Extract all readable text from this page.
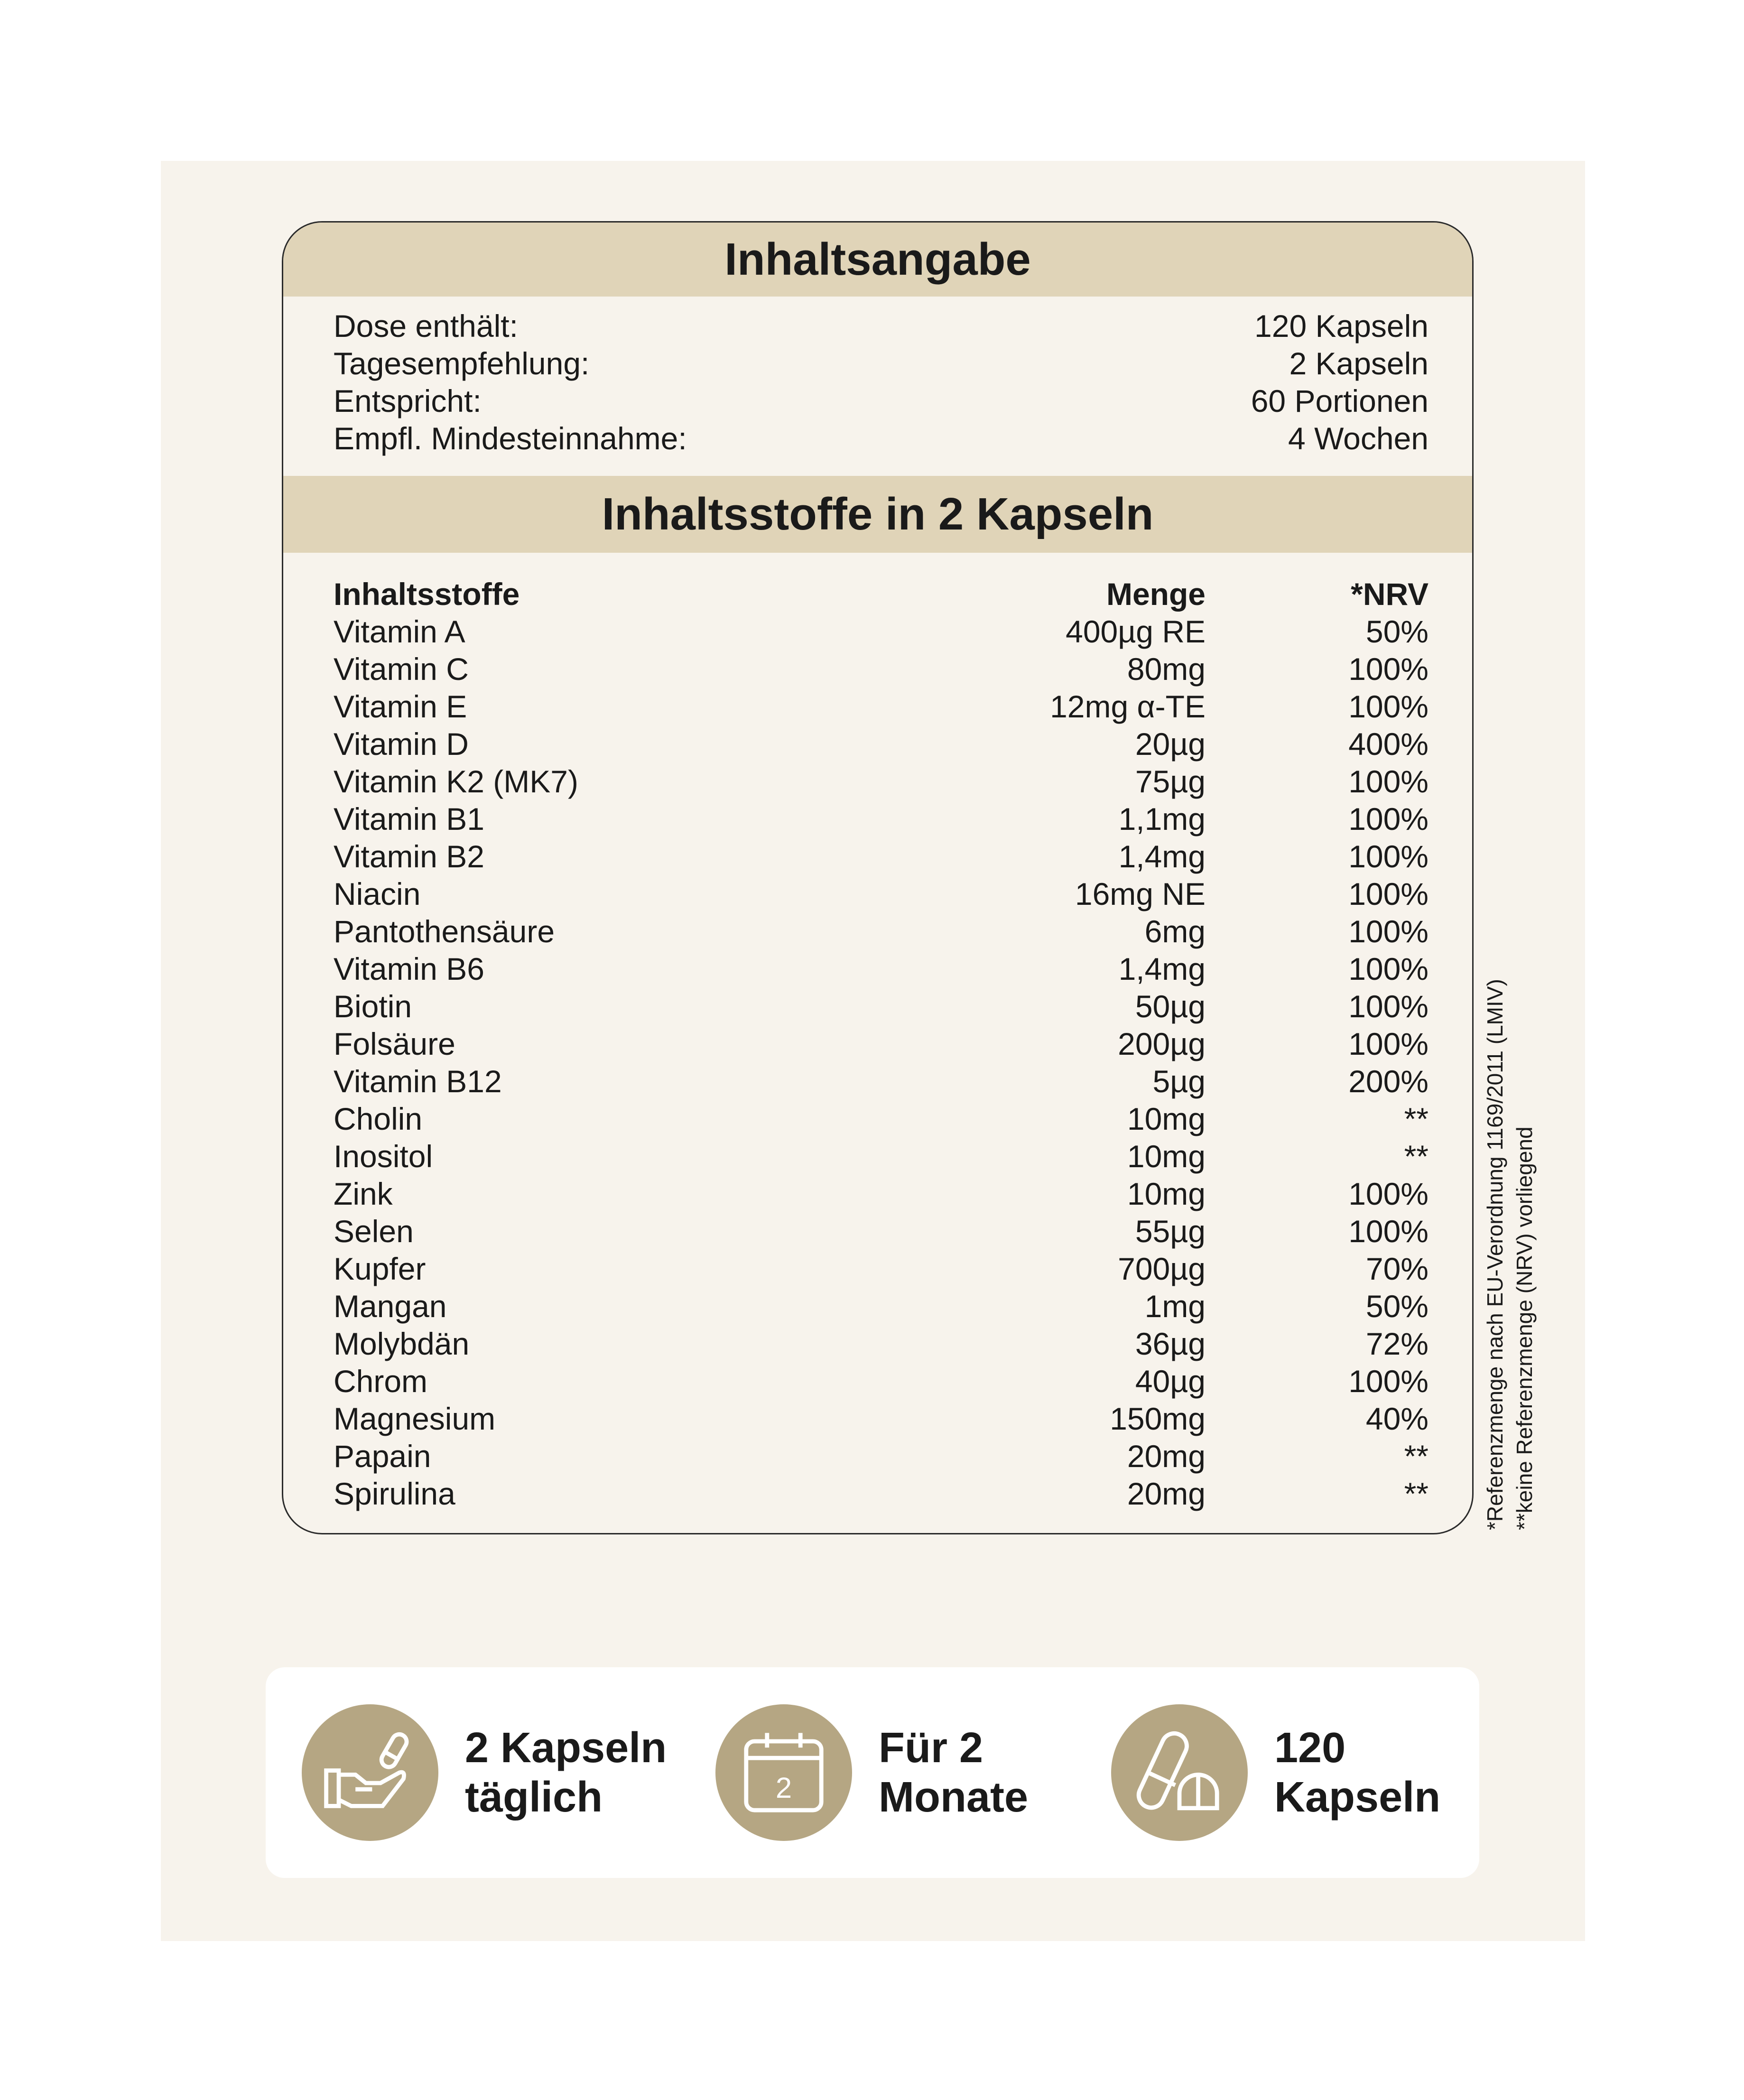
Inhaltsangabe
Dose enthält:	120 Kapseln
Tagesempfehlung:	2 Kapseln
Entspricht:	60 Portionen
Empfl. Mindesteinnahme:	4 Wochen
Inhaltsstoffe in 2 Kapseln
Inhaltsstoffe	Menge	*NRV
Vitamin A	400µg RE	50%
Vitamin C	80mg	100%
Vitamin E	12mg α-TE	100%
Vitamin D	20µg	400%
Vitamin K2 (MK7)	75µg	100%
Vitamin B1	1,1mg	100%
Vitamin B2	1,4mg	100%
Niacin	16mg NE	100%
Pantothensäure	6mg	100%
Vitamin B6	1,4mg	100%
Biotin	50µg	100%
Folsäure	200µg	100%
Vitamin B12	5µg	200%
Cholin	10mg	**
Inositol	10mg	**
Zink	10mg	100%
Selen	55µg	100%
Kupfer	700µg	70%
Mangan	1mg	50%
Molybdän	36µg	72%
Chrom	40µg	100%
Magnesium	150mg	40%
Papain	20mg	**
Spirulina	20mg	** *Referenzmenge nach EU-Verordnung 1169/2011 (LMIV) **keine Referenzmenge (NRV) vorliegend
2 Kapseln
täglich	2
Für 2
Monate
120
Kapseln
